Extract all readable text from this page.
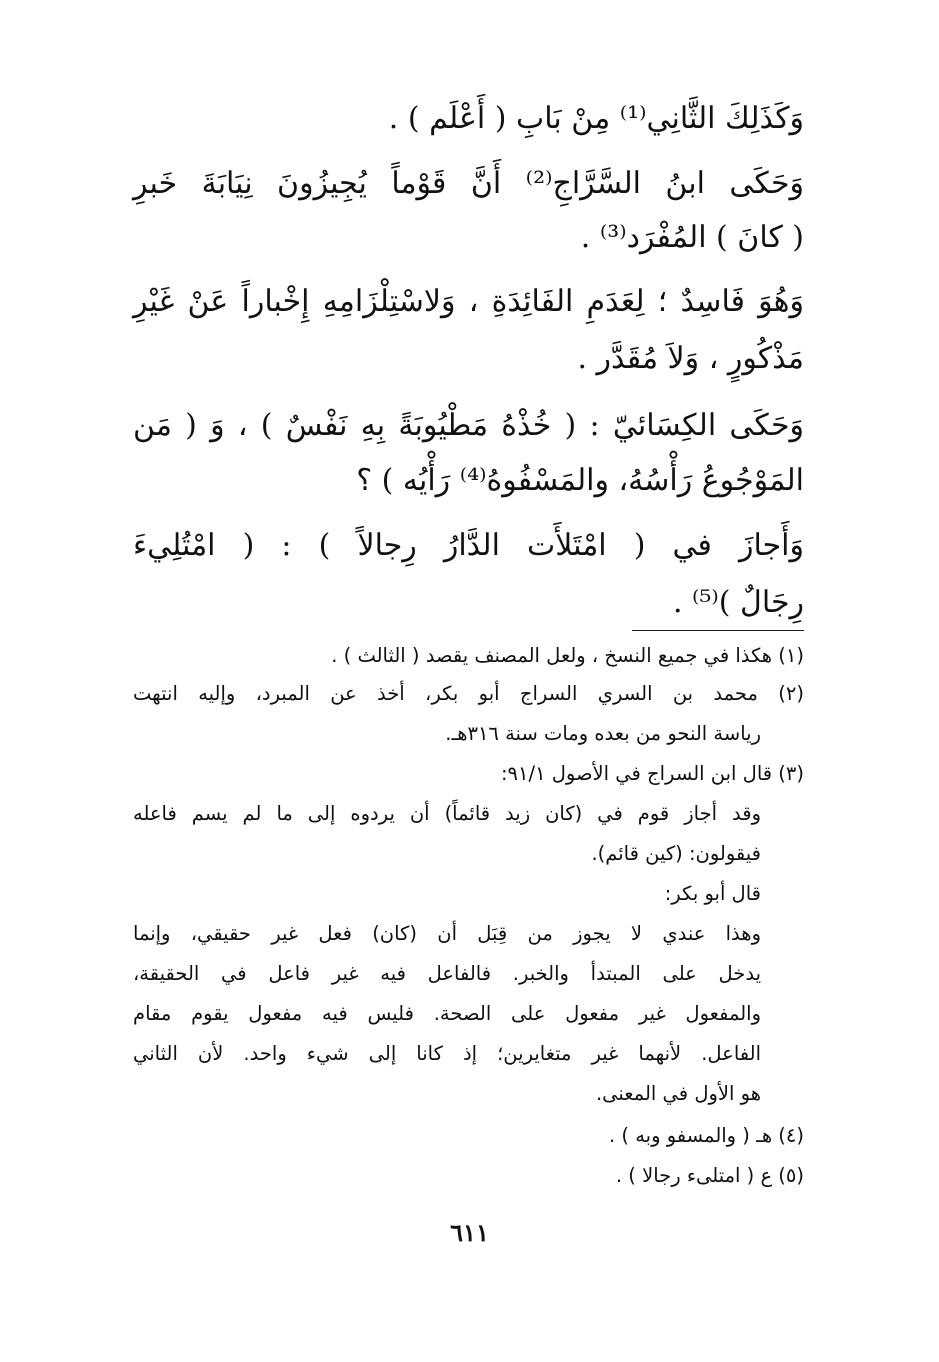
وَكَذَلِكَ الثَّانِي⁽¹⁾ مِنْ بَابِ ( أَعْلَم ) .
وَحَكَى ابنُ السَّرَّاجِ⁽²⁾ أَنَّ قَوْماً يُجِيزُونَ نِيَابَةَ خَبرِ
( كانَ ) المُفْرَد⁽³⁾ .
وَهُوَ فَاسِدٌ ؛ لِعَدَمِ الفَائِدَةِ ، وَلاسْتِلْزَامِهِ إِخْباراً عَنْ غَيْرِ
مَذْكُورٍ ، وَلاَ مُقَدَّر .
وَحَكَى الكِسَائيّ : ( خُذْهُ مَطْيُوبَةً بِهِ نَفْسٌ ) ، وَ ( مَن
المَوْجُوعُ رَأْسُهُ، والمَسْفُوهُ⁽⁴⁾ رَأْيُه ) ؟
وَأَجازَ في ( امْتَلأَت الدَّارُ رِجالاً ) : ( امْتُلِيءَ
رِجَالٌ )⁽⁵⁾ .
(١) هكذا في جميع النسخ ، ولعل المصنف يقصد ( الثالث ) .
(٢) محمد بن السري السراج أبو بكر، أخذ عن المبرد، وإليه انتهت
رياسة النحو من بعده ومات سنة ٣١٦هـ.
(٣) قال ابن السراج في الأصول ٩١/١:
وقد أجاز قوم في (كان زيد قائماً) أن يردوه إلى ما لم يسم فاعله
فيقولون: (كين قائم).
قال أبو بكر:
وهذا عندي لا يجوز من قِبَل أن (كان) فعل غير حقيقي، وإنما
يدخل على المبتدأ والخبر. فالفاعل فيه غير فاعل في الحقيقة،
والمفعول غير مفعول على الصحة. فليس فيه مفعول يقوم مقام
الفاعل. لأنهما غير متغايرين؛ إذ كانا إلى شيء واحد. لأن الثاني
هو الأول في المعنى.
(٤) هـ ( والمسفو وبه ) .
(٥) ع ( امتلىء رجالا ) .
٦١١
